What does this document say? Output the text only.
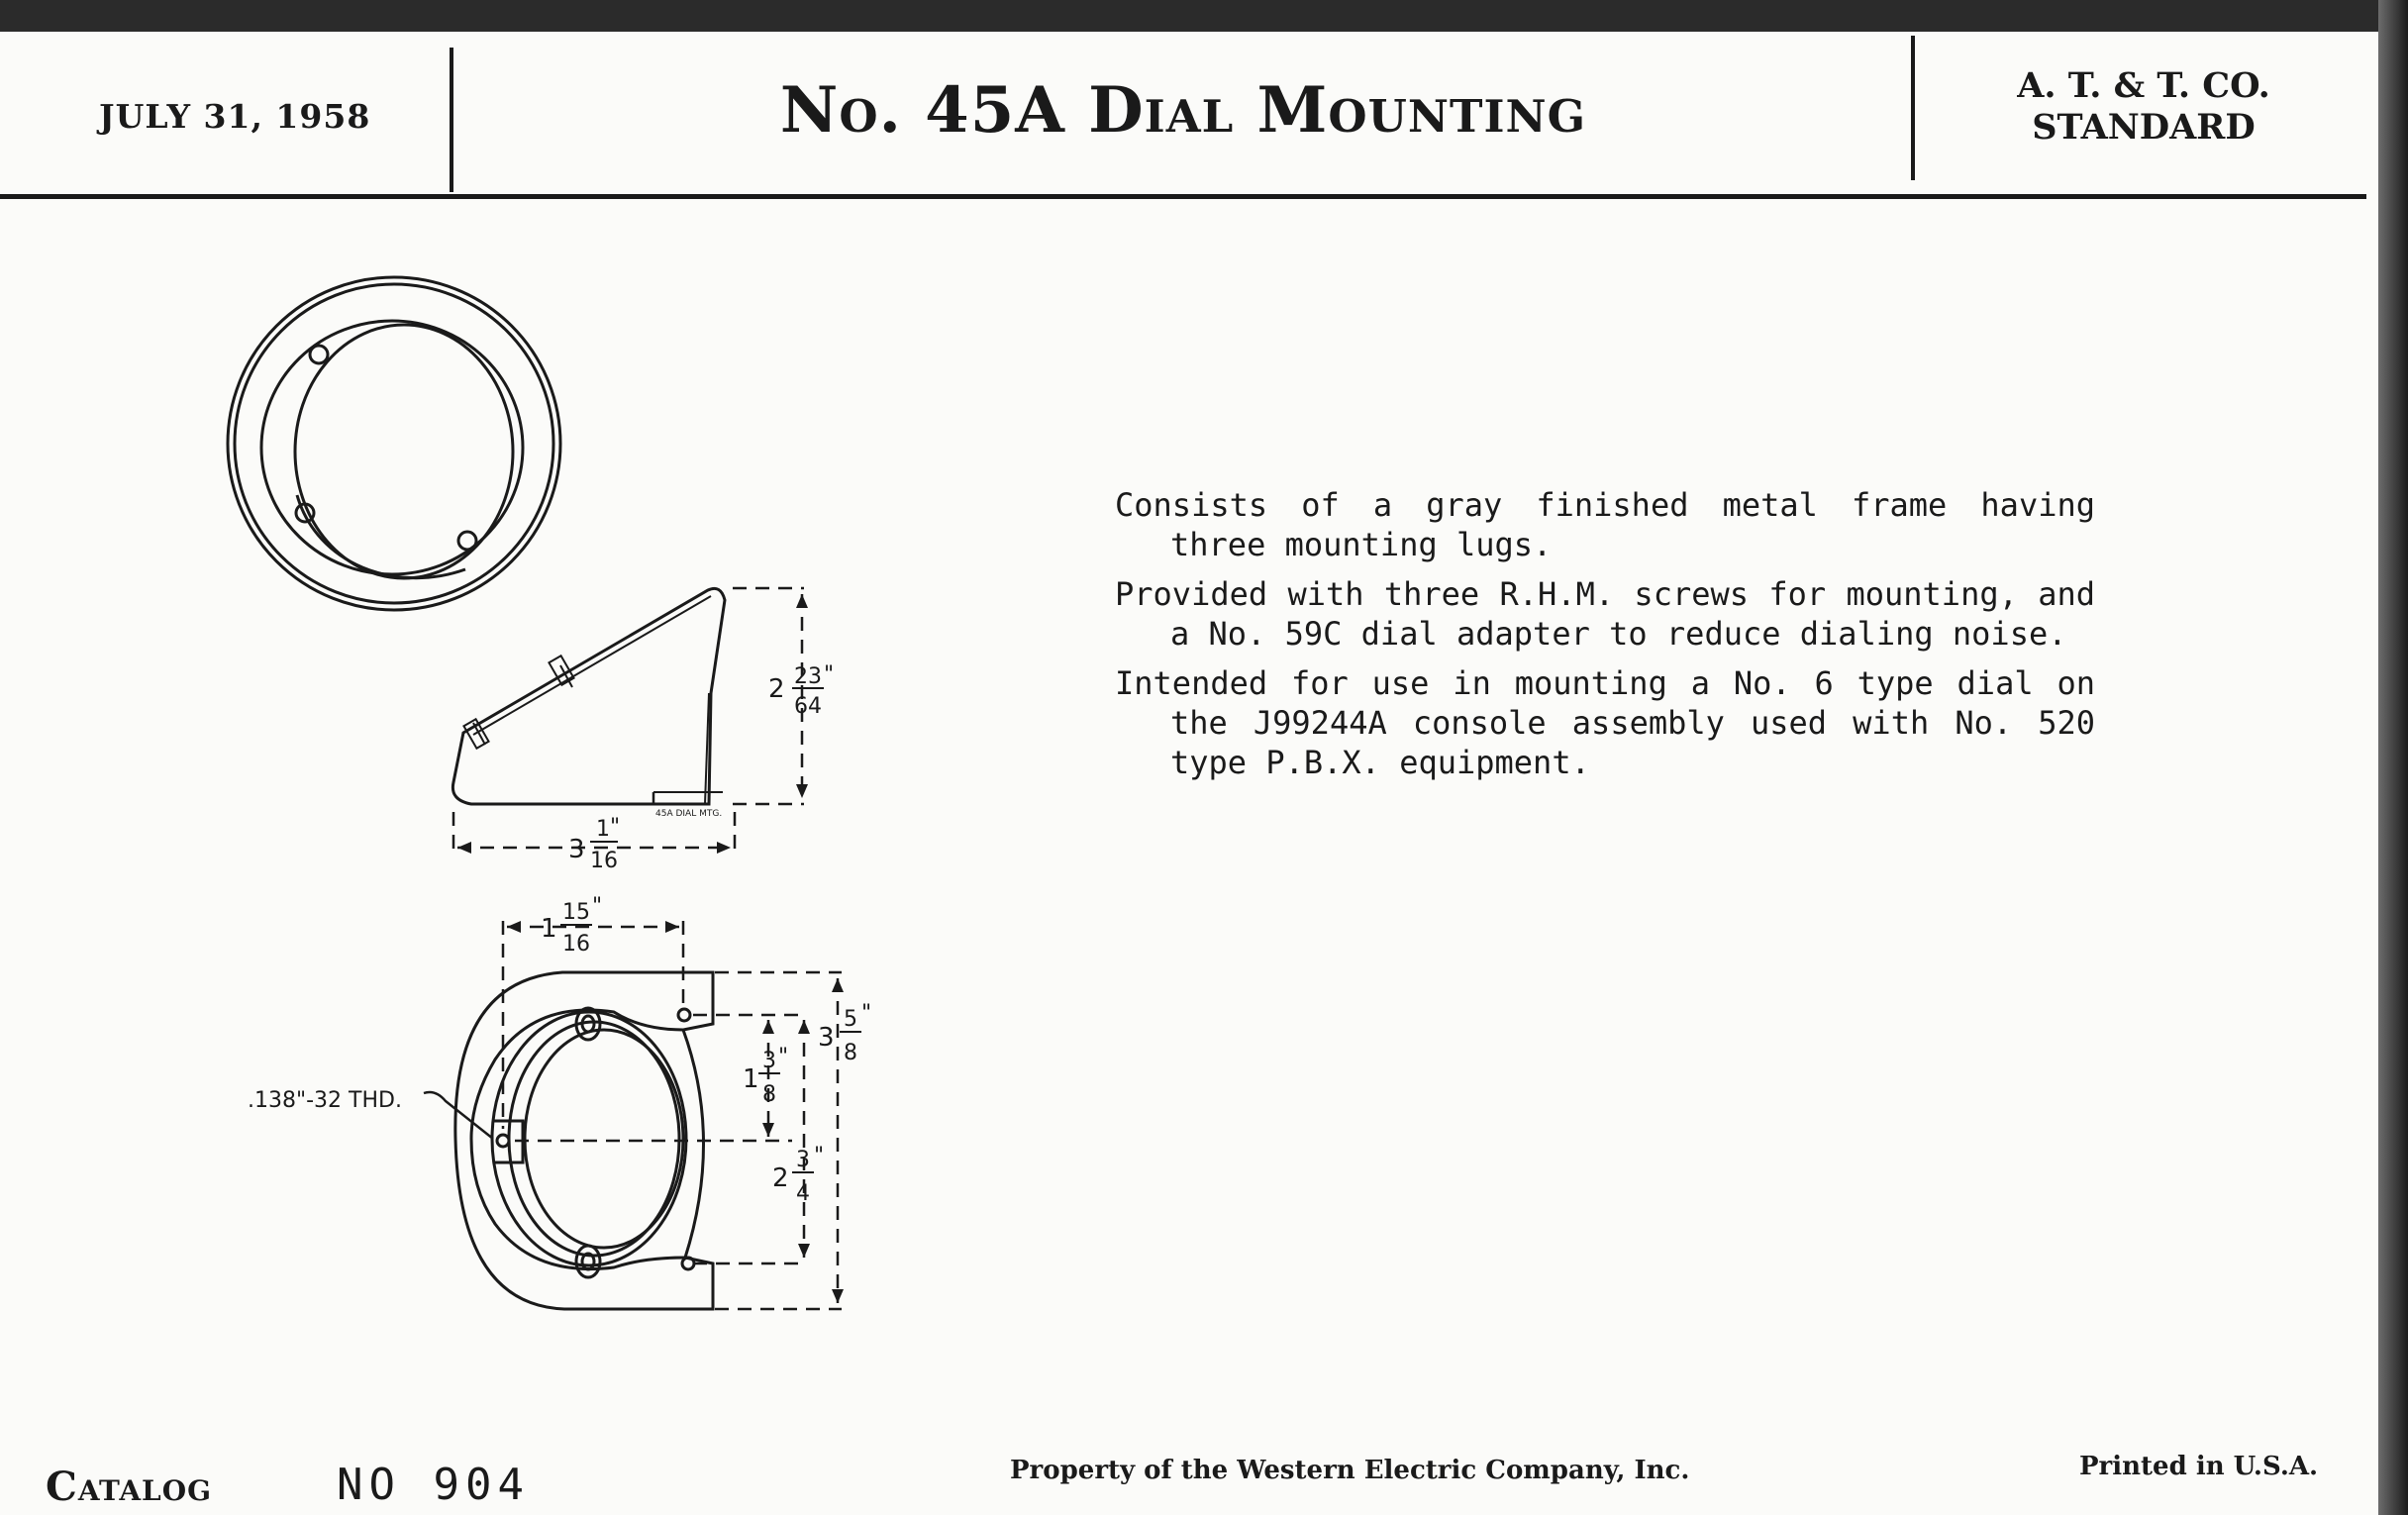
JULY 31, 1958	No. 45A Dial Mounting	A. T. & T. CO.
STANDARD

Consists of a gray finished metal frame having three mounting lugs.

Provided with three R.H.M. screws for mounting, and a No. 59C dial adapter to reduce dialing noise.

Intended for use in mounting a No. 6 type dial on the J99244A console assembly used with No. 520 type P.B.X. equipment.

2 23
64
"
3
1
16
"
45A DIAL MTG.
1
15
16
"
1
3
8
"
3
5
8
"
2
3
4
"
.138"-32 THD.
Catalog	NO 904	Property of the Western Electric Company, Inc.	Printed in U.S.A.
